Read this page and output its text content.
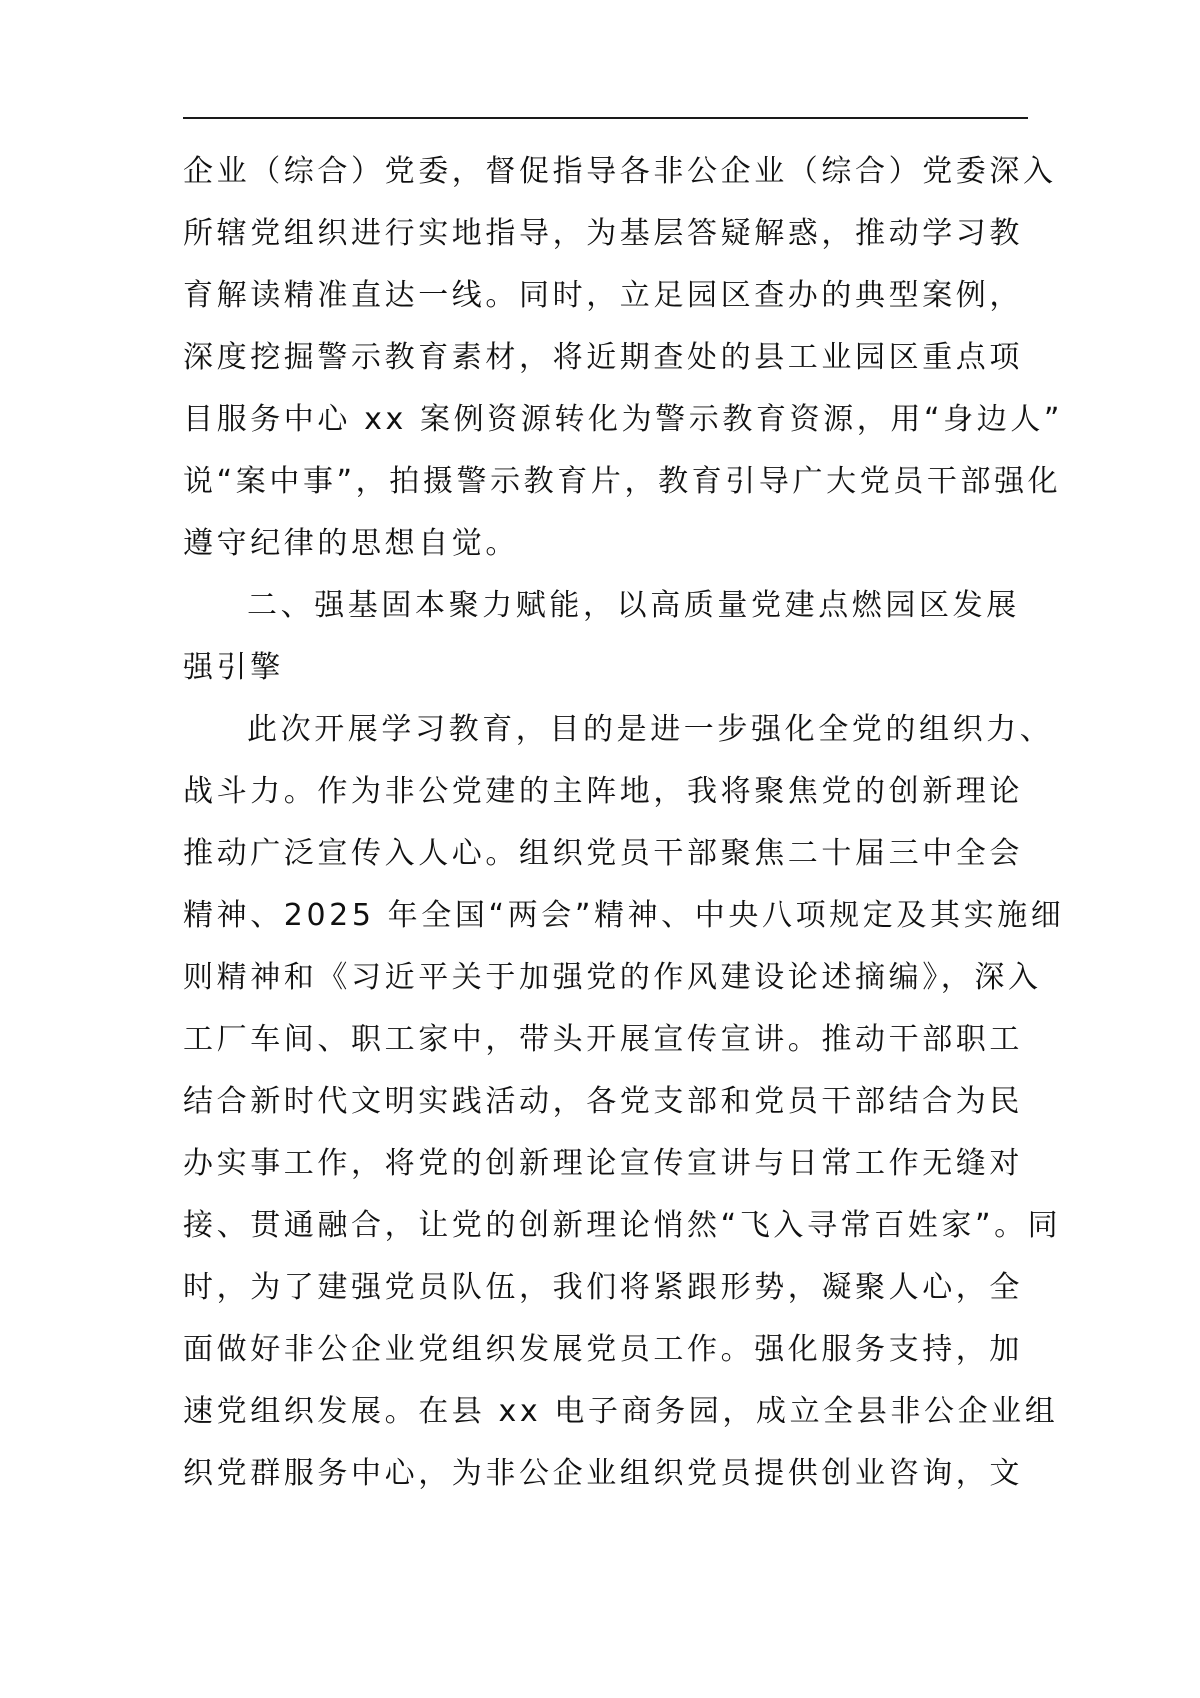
企业（综合）党委，督促指导各非公企业（综合）党委深入
所辖党组织进行实地指导，为基层答疑解惑，推动学习教
育解读精准直达一线。同时，立足园区查办的典型案例，
深度挖掘警示教育素材，将近期查处的县工业园区重点项
目服务中心 xx 案例资源转化为警示教育资源，用“身边人”
说“案中事”，拍摄警示教育片，教育引导广大党员干部强化
遵守纪律的思想自觉。
二、强基固本聚力赋能，以高质量党建点燃园区发展
强引擎
此次开展学习教育，目的是进一步强化全党的组织力、
战斗力。作为非公党建的主阵地，我将聚焦党的创新理论
推动广泛宣传入人心。组织党员干部聚焦二十届三中全会
精神、2025 年全国“两会”精神、中央八项规定及其实施细
则精神和《习近平关于加强党的作风建设论述摘编》，深入
工厂车间、职工家中，带头开展宣传宣讲。推动干部职工
结合新时代文明实践活动，各党支部和党员干部结合为民
办实事工作，将党的创新理论宣传宣讲与日常工作无缝对
接、贯通融合，让党的创新理论悄然“飞入寻常百姓家”。同
时，为了建强党员队伍，我们将紧跟形势，凝聚人心，全
面做好非公企业党组织发展党员工作。强化服务支持，加
速党组织发展。在县 xx 电子商务园，成立全县非公企业组
织党群服务中心，为非公企业组织党员提供创业咨询，文
